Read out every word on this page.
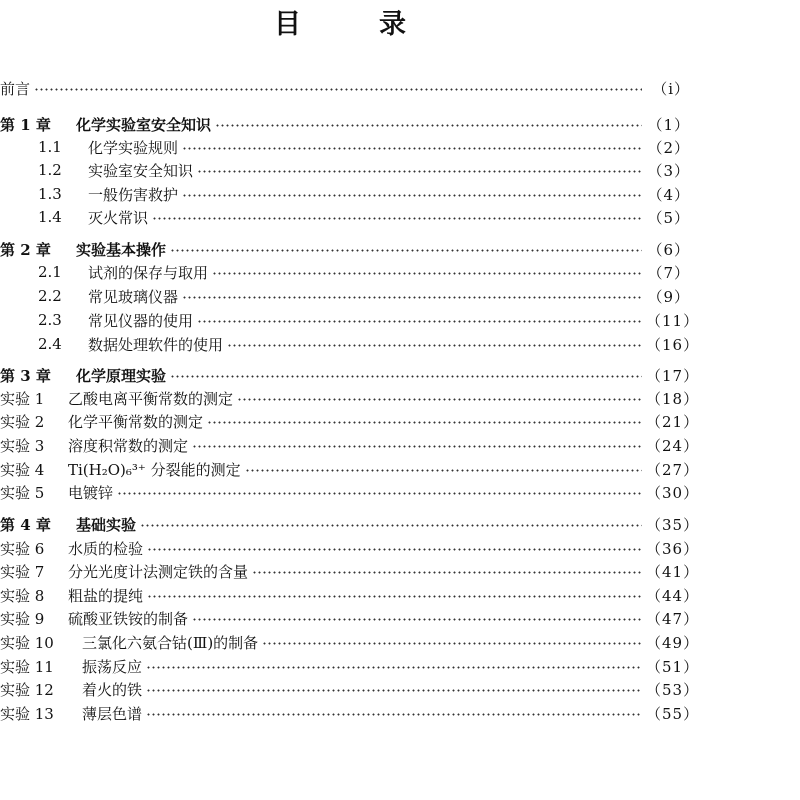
目	录
前言	（ⅰ）
第 1 章	化学实验室安全知识	（1）
1.1	化学实验规则	（2）
1.2	实验室安全知识	（3）
1.3	一般伤害救护	（4）
1.4	灭火常识	（5）
第 2 章	实验基本操作	（6）
2.1	试剂的保存与取用	（7）
2.2	常见玻璃仪器	（9）
2.3	常见仪器的使用	（11）
2.4	数据处理软件的使用	（16）
第 3 章	化学原理实验	（17）
实验 1	乙酸电离平衡常数的测定	（18）
实验 2	化学平衡常数的测定	（21）
实验 3	溶度积常数的测定	（24）
实验 4	Ti(H₂O)₆³⁺ 分裂能的测定	（27）
实验 5	电镀锌	（30）
第 4 章	基础实验	（35）
实验 6	水质的检验	（36）
实验 7	分光光度计法测定铁的含量	（41）
实验 8	粗盐的提纯	（44）
实验 9	硫酸亚铁铵的制备	（47）
实验 10	三氯化六氨合钴(Ⅲ)的制备	（49）
实验 11	振荡反应	（51）
实验 12	着火的铁	（53）
实验 13	薄层色谱	（55）
